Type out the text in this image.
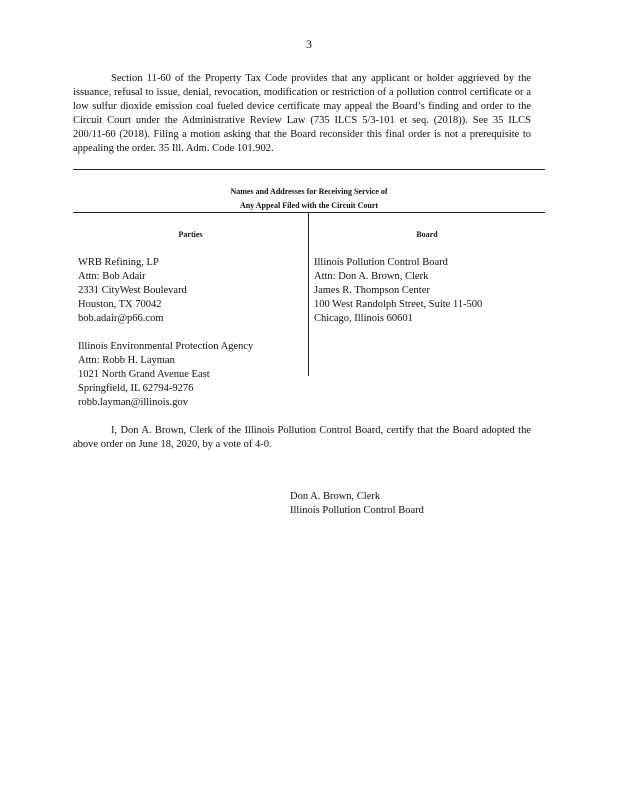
3

Section 11-60 of the Property Tax Code provides that any applicant or holder aggrieved by the issuance, refusal to issue, denial, revocation, modification or restriction of a pollution control certificate or a low sulfur dioxide emission coal fueled device certificate may appeal the Board’s finding and order to the Circuit Court under the Administrative Review Law (735 ILCS 5/3-101 et seq. (2018)). See 35 ILCS 200/11-60 (2018). Filing a motion asking that the Board reconsider this final order is not a prerequisite to appealing the order. 35 Ill. Adm. Code 101.902.

Names and Addresses for Receiving Service of
Any Appeal Filed with the Circuit Court
Parties	Board
WRB Refining, LP
Attn: Bob Adair
2331 CityWest Boulevard
Houston, TX 70042
bob.adair@p66.com
Illinois Environmental Protection Agency
Attn: Robb H. Layman
1021 North Grand Avenue East
Springfield, IL 62794-9276
robb.layman@illinois.gov
Illinois Pollution Control Board
Attn: Don A. Brown, Clerk
James R. Thompson Center
100 West Randolph Street, Suite 11-500
Chicago, Illinois 60601

I, Don A. Brown, Clerk of the Illinois Pollution Control Board, certify that the Board adopted the above order on June 18, 2020, by a vote of 4-0.

Don A. Brown, Clerk
Illinois Pollution Control Board
